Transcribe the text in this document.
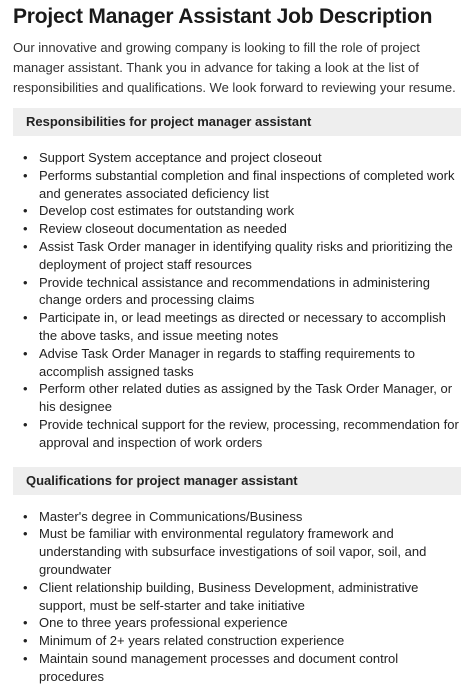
Project Manager Assistant Job Description

Our innovative and growing company is looking to fill the role of project manager assistant. Thank you in advance for taking a look at the list of responsibilities and qualifications. We look forward to reviewing your resume.

Responsibilities for project manager assistant
• Support System acceptance and project closeout
• Performs substantial completion and final inspections of completed work and generates associated deficiency list
• Develop cost estimates for outstanding work
• Review closeout documentation as needed
• Assist Task Order manager in identifying quality risks and prioritizing the deployment of project staff resources
• Provide technical assistance and recommendations in administering change orders and processing claims
• Participate in, or lead meetings as directed or necessary to accomplish the above tasks, and issue meeting notes
• Advise Task Order Manager in regards to staffing requirements to accomplish assigned tasks
• Perform other related duties as assigned by the Task Order Manager, or his designee
• Provide technical support for the review, processing, recommendation for approval and inspection of work orders
Qualifications for project manager assistant
• Master's degree in Communications/Business
• Must be familiar with environmental regulatory framework and understanding with subsurface investigations of soil vapor, soil, and groundwater
• Client relationship building, Business Development, administrative support, must be self-starter and take initiative
• One to three years professional experience
• Minimum of 2+ years related construction experience
• Maintain sound management processes and document control procedures
